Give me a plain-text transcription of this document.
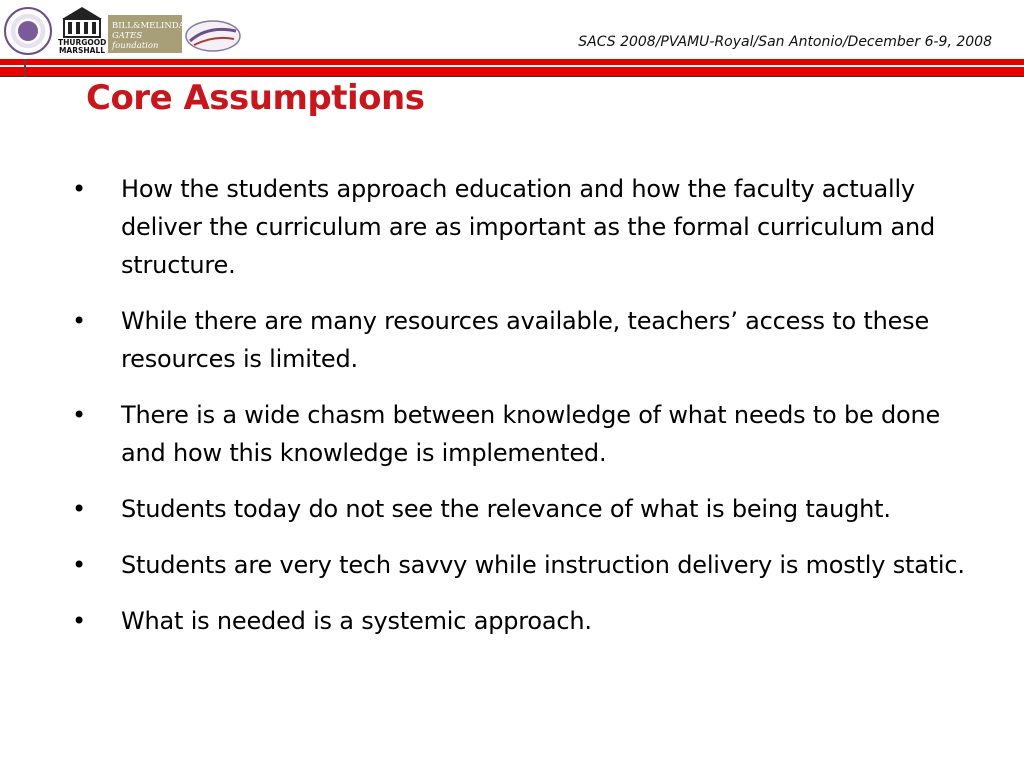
THURGOOD
MARSHALL
BILL&MELINDA
GATES foundation	SACS 2008/PVAMU-Royal/San Antonio/December 6-9, 2008
Core Assumptions
•	How the students approach education and how the faculty actually deliver the curriculum are as important as the formal curriculum and structure.
•	While there are many resources available, teachers’ access to these resources is limited.
•	There is a wide chasm between knowledge of what needs to be done and how this knowledge is implemented.
•	Students today do not see the relevance of what is being taught.
•	Students are very tech savvy while instruction delivery is mostly static.
•	What is needed is a systemic approach.
